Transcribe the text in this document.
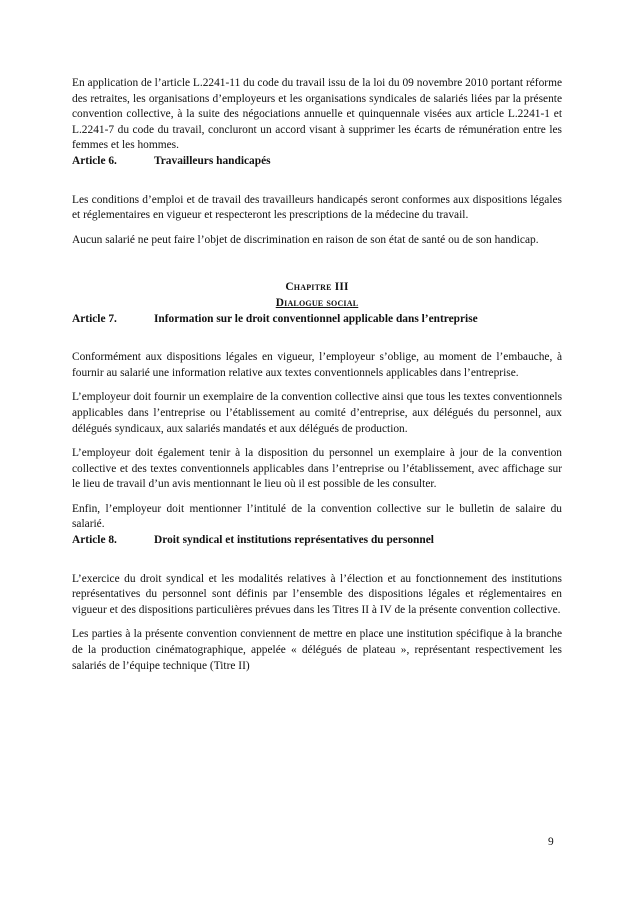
En application de l’article L.2241-11 du code du travail issu de la loi du 09 novembre 2010 portant réforme des retraites, les organisations d’employeurs et les organisations syndicales de salariés liées par la présente convention collective, à la suite des négociations annuelle et quinquennale visées aux article L.2241-1 et L.2241-7 du code du travail, concluront un accord visant à supprimer les écarts de rémunération entre les femmes et les hommes.

Article 6.	Travailleurs handicapés

Les conditions d’emploi et de travail des travailleurs handicapés seront conformes aux dispositions légales et réglementaires en vigueur et respecteront les prescriptions de la médecine du travail.

Aucun salarié ne peut faire l’objet de discrimination en raison de son état de santé ou de son handicap.

Chapitre III
Dialogue social
Article 7.	Information sur le droit conventionnel applicable dans l’entreprise

Conformément aux dispositions légales en vigueur, l’employeur s’oblige, au moment de l’embauche, à fournir au salarié une information relative aux textes conventionnels applicables dans l’entreprise.

L’employeur doit fournir un exemplaire de la convention collective ainsi que tous les textes conventionnels applicables dans l’entreprise ou l’établissement au comité d’entreprise, aux délégués du personnel, aux délégués syndicaux, aux salariés mandatés et aux délégués de production.

L’employeur doit également tenir à la disposition du personnel un exemplaire à jour de la convention collective et des textes conventionnels applicables dans l’entreprise ou l’établissement, avec affichage sur le lieu de travail d’un avis mentionnant le lieu où il est possible de les consulter.

Enfin, l’employeur doit mentionner l’intitulé de la convention collective sur le bulletin de salaire du salarié.

Article 8.	Droit syndical et institutions représentatives du personnel

L’exercice du droit syndical et les modalités relatives à l’élection et au fonctionnement des institutions représentatives du personnel sont définis par l’ensemble des dispositions légales et réglementaires en vigueur et des dispositions particulières prévues dans les Titres II à IV de la présente convention collective.

Les parties à la présente convention conviennent de mettre en place une institution spécifique à la branche de la production cinématographique, appelée « délégués de plateau », représentant respectivement les salariés de l’équipe technique (Titre II)

9
